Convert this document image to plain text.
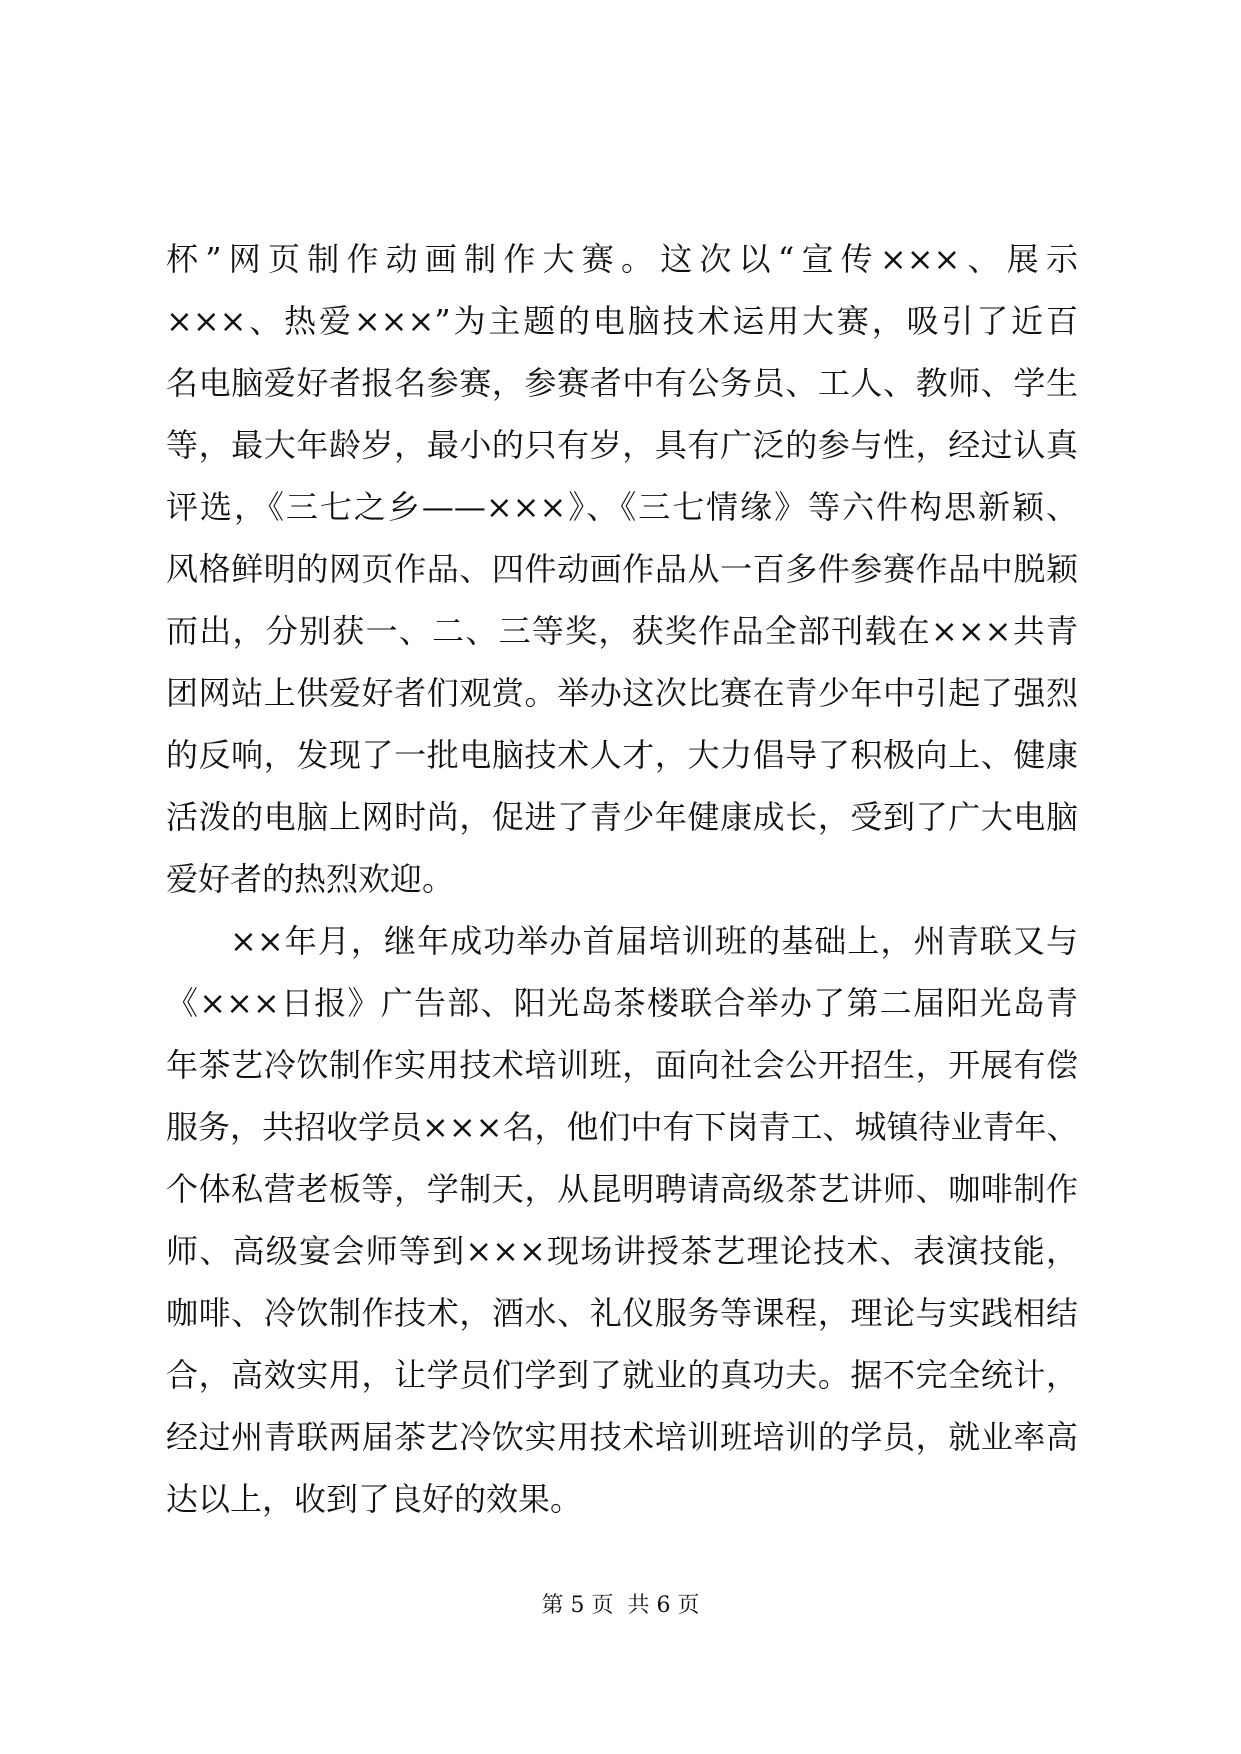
杯”网页制作动画制作大赛。这次以“宣传×××、展示
×××、热爱×××”为主题的电脑技术运用大赛，吸引了近百
名电脑爱好者报名参赛，参赛者中有公务员、工人、教师、学生
等，最大年龄岁，最小的只有岁，具有广泛的参与性，经过认真
评选，《三七之乡——×××》、《三七情缘》等六件构思新颖、
风格鲜明的网页作品、四件动画作品从一百多件参赛作品中脱颖
而出，分别获一、二、三等奖，获奖作品全部刊载在×××共青
团网站上供爱好者们观赏。举办这次比赛在青少年中引起了强烈
的反响，发现了一批电脑技术人才，大力倡导了积极向上、健康
活泼的电脑上网时尚，促进了青少年健康成长，受到了广大电脑
爱好者的热烈欢迎。
××年月，继年成功举办首届培训班的基础上，州青联又与
《×××日报》广告部、阳光岛茶楼联合举办了第二届阳光岛青
年茶艺冷饮制作实用技术培训班，面向社会公开招生，开展有偿
服务，共招收学员×××名，他们中有下岗青工、城镇待业青年、
个体私营老板等，学制天，从昆明聘请高级茶艺讲师、咖啡制作
师、高级宴会师等到×××现场讲授茶艺理论技术、表演技能，
咖啡、冷饮制作技术，酒水、礼仪服务等课程，理论与实践相结
合，高效实用，让学员们学到了就业的真功夫。据不完全统计，
经过州青联两届茶艺冷饮实用技术培训班培训的学员，就业率高
达以上，收到了良好的效果。
第 5 页  共 6 页
